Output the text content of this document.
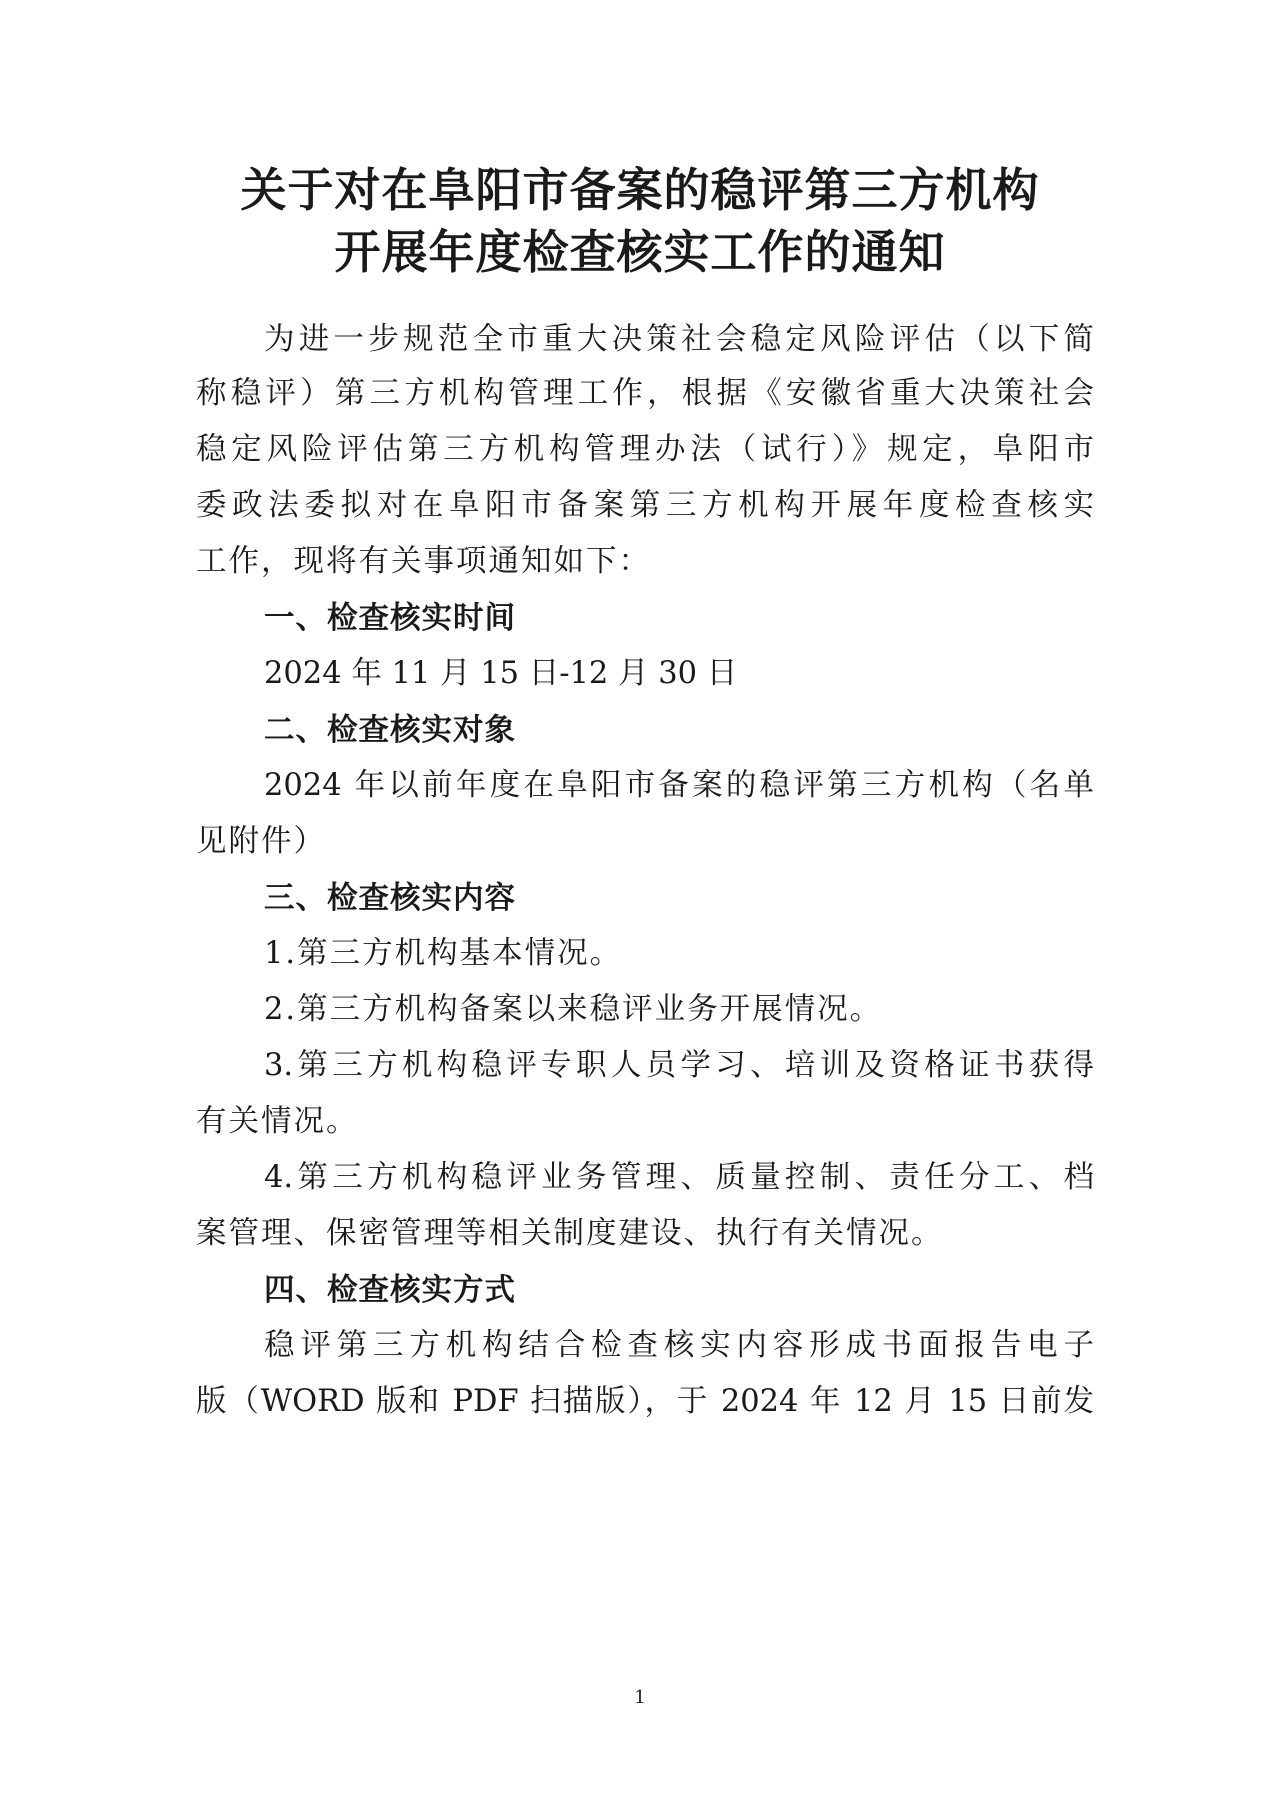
关于对在阜阳市备案的稳评第三方机构
开展年度检查核实工作的通知
为进一步规范全市重大决策社会稳定风险评估（以下简
称稳评）第三方机构管理工作，根据《安徽省重大决策社会
稳定风险评估第三方机构管理办法（试行）》规定，阜阳市
委政法委拟对在阜阳市备案第三方机构开展年度检查核实
工作，现将有关事项通知如下：
一、检查核实时间
2024 年 11 月 15 日-12 月 30 日
二、检查核实对象
2024 年以前年度在阜阳市备案的稳评第三方机构（名单
见附件）
三、检查核实内容
1.第三方机构基本情况。
2.第三方机构备案以来稳评业务开展情况。
3.第三方机构稳评专职人员学习、培训及资格证书获得
有关情况。
4.第三方机构稳评业务管理、质量控制、责任分工、档
案管理、保密管理等相关制度建设、执行有关情况。
四、检查核实方式
稳评第三方机构结合检查核实内容形成书面报告电子
版（WORD 版和 PDF 扫描版），于 2024 年 12 月 15 日前发
1
